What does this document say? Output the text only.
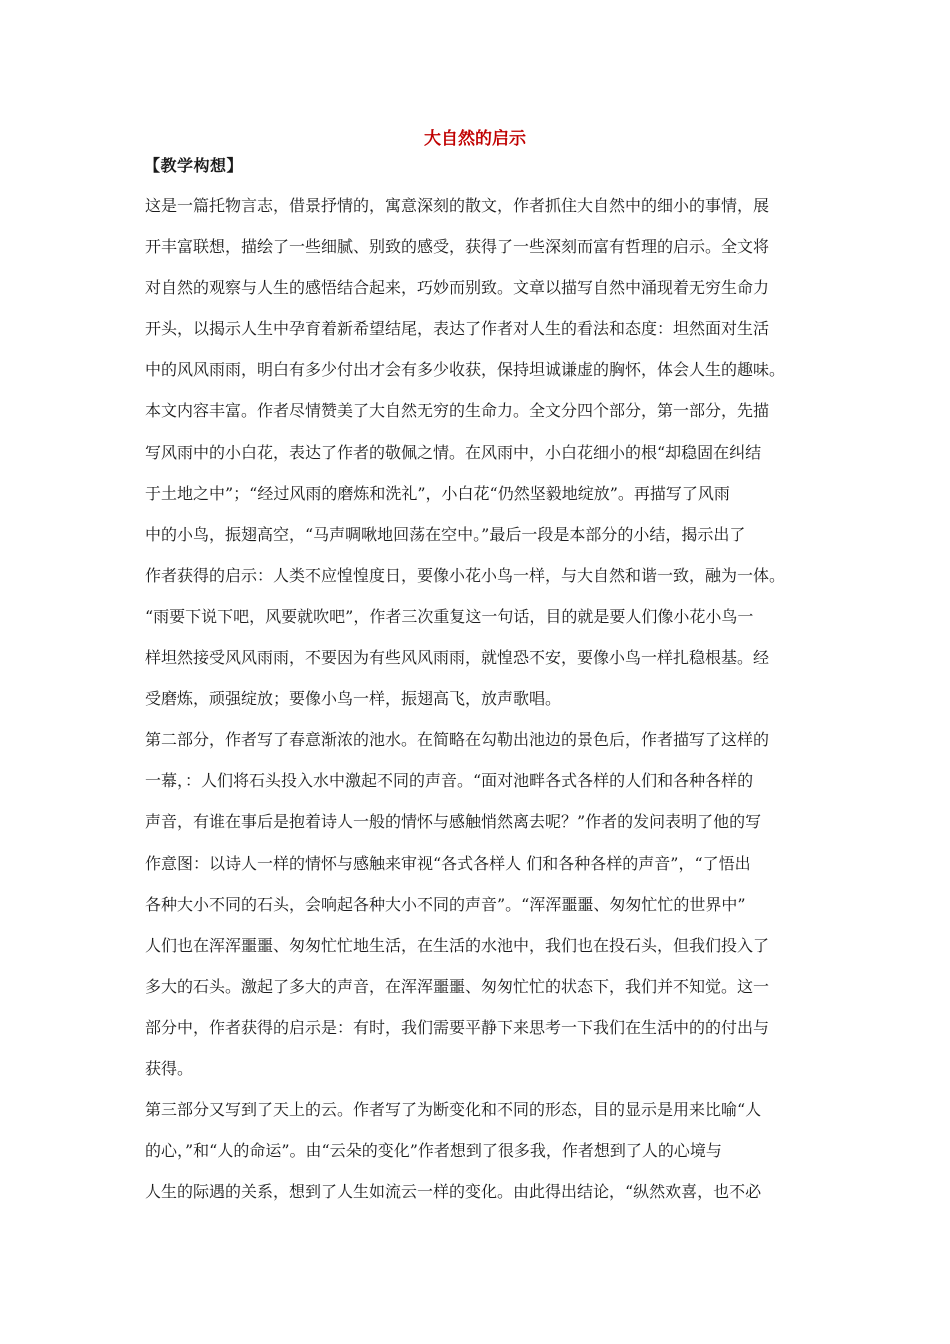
大自然的启示
【教学构想】
这是一篇托物言志，借景抒情的，寓意深刻的散文，作者抓住大自然中的细小的事情，展
开丰富联想，描绘了一些细腻、别致的感受，获得了一些深刻而富有哲理的启示。全文将
对自然的观察与人生的感悟结合起来，巧妙而别致。文章以描写自然中涌现着无穷生命力
开头，以揭示人生中孕育着新希望结尾，表达了作者对人生的看法和态度：坦然面对生活
中的风风雨雨，明白有多少付出才会有多少收获，保持坦诚谦虚的胸怀，体会人生的趣味。
本文内容丰富。作者尽情赞美了大自然无穷的生命力。全文分四个部分，第一部分，先描
写风雨中的小白花，表达了作者的敬佩之情。在风雨中，小白花细小的根“却稳固在纠结
于土地之中”；“经过风雨的磨炼和洗礼”，小白花“仍然坚毅地绽放”。再描写了风雨
中的小鸟，振翅高空，“马声啁啾地回荡在空中。”最后一段是本部分的小结，揭示出了
作者获得的启示：人类不应惶惶度日，要像小花小鸟一样，与大自然和谐一致，融为一体。
“雨要下说下吧，风要就吹吧”，作者三次重复这一句话，目的就是要人们像小花小鸟一
样坦然接受风风雨雨，不要因为有些风风雨雨，就惶恐不安，要像小鸟一样扎稳根基。经
受磨炼，顽强绽放；要像小鸟一样，振翅高飞，放声歌唱。
第二部分，作者写了春意渐浓的池水。在简略在勾勒出池边的景色后，作者描写了这样的
一幕，：人们将石头投入水中激起不同的声音。“面对池畔各式各样的人们和各种各样的
声音，有谁在事后是抱着诗人一般的情怀与感触悄然离去呢？”作者的发问表明了他的写
作意图：以诗人一样的情怀与感触来审视“各式各样人 们和各种各样的声音”，“了悟出
各种大小不同的石头，会响起各种大小不同的声音”。“浑浑噩噩、匆匆忙忙的世界中”
人们也在浑浑噩噩、匆匆忙忙地生活，在生活的水池中，我们也在投石头，但我们投入了
多大的石头。激起了多大的声音，在浑浑噩噩、匆匆忙忙的状态下，我们并不知觉。这一
部分中，作者获得的启示是：有时，我们需要平静下来思考一下我们在生活中的的付出与
获得。
第三部分又写到了天上的云。作者写了为断变化和不同的形态，目的显示是用来比喻“人
的心，”和“人的命运”。由“云朵的变化”作者想到了很多我，作者想到了人的心境与
人生的际遇的关系，想到了人生如流云一样的变化。由此得出结论，“纵然欢喜，也不必
